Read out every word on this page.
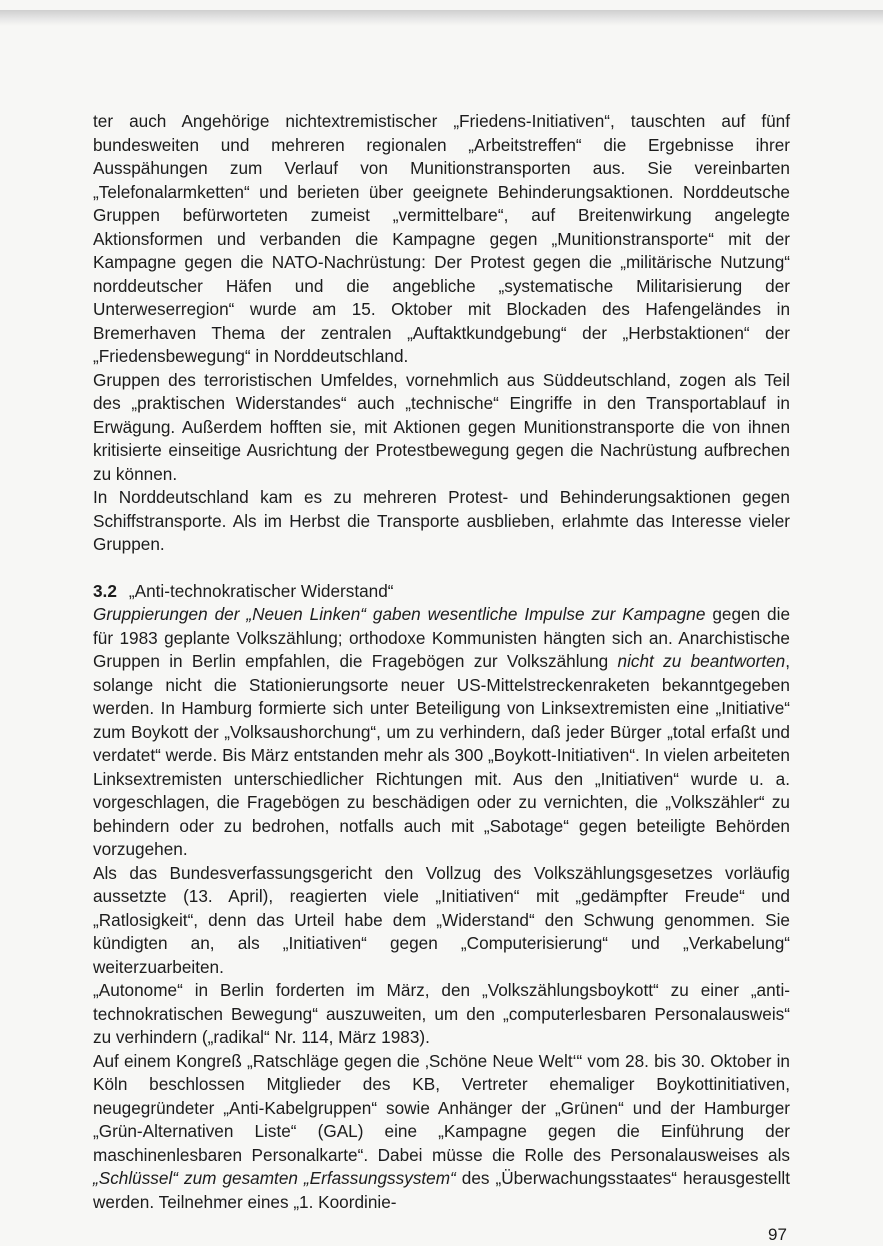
ter auch Angehörige nichtextremistischer „Friedens-Initiativen“, tauschten auf fünf bundesweiten und mehreren regionalen „Arbeitstreffen“ die Ergebnisse ihrer Ausspähungen zum Verlauf von Munitionstransporten aus. Sie vereinbarten „Telefonalarmketten“ und berieten über geeignete Behinderungsaktionen. Norddeutsche Gruppen befürworteten zumeist „vermittelbare“, auf Breitenwirkung angelegte Aktionsformen und verbanden die Kampagne gegen „Munitionstransporte“ mit der Kampagne gegen die NATO-Nachrüstung: Der Protest gegen die „militärische Nutzung“ norddeutscher Häfen und die angebliche „systematische Militarisierung der Unterweserregion“ wurde am 15. Oktober mit Blockaden des Hafengeländes in Bremerhaven Thema der zentralen „Auftaktkundgebung“ der „Herbstaktionen“ der „Friedensbewegung“ in Norddeutschland.

Gruppen des terroristischen Umfeldes, vornehmlich aus Süddeutschland, zogen als Teil des „praktischen Widerstandes“ auch „technische“ Eingriffe in den Transportablauf in Erwägung. Außerdem hofften sie, mit Aktionen gegen Munitionstransporte die von ihnen kritisierte einseitige Ausrichtung der Protestbewegung gegen die Nachrüstung aufbrechen zu können.

In Norddeutschland kam es zu mehreren Protest- und Behinderungsaktionen gegen Schiffstransporte. Als im Herbst die Transporte ausblieben, erlahmte das Interesse vieler Gruppen.

3.2 „Anti-technokratischer Widerstand“

Gruppierungen der „Neuen Linken“ gaben wesentliche Impulse zur Kampagne gegen die für 1983 geplante Volkszählung; orthodoxe Kommunisten hängten sich an. Anarchistische Gruppen in Berlin empfahlen, die Fragebögen zur Volkszählung nicht zu beantworten, solange nicht die Stationierungsorte neuer US-Mittelstreckenraketen bekanntgegeben werden. In Hamburg formierte sich unter Beteiligung von Linksextremisten eine „Initiative“ zum Boykott der „Volksaushorchung“, um zu verhindern, daß jeder Bürger „total erfaßt und verdatet“ werde. Bis März entstanden mehr als 300 „Boykott-Initiativen“. In vielen arbeiteten Linksextremisten unterschiedlicher Richtungen mit. Aus den „Initiativen“ wurde u. a. vorgeschlagen, die Fragebögen zu beschädigen oder zu vernichten, die „Volkszähler“ zu behindern oder zu bedrohen, notfalls auch mit „Sabotage“ gegen beteiligte Behörden vorzugehen.

Als das Bundesverfassungsgericht den Vollzug des Volkszählungsgesetzes vorläufig aussetzte (13. April), reagierten viele „Initiativen“ mit „gedämpfter Freude“ und „Ratlosigkeit“, denn das Urteil habe dem „Widerstand“ den Schwung genommen. Sie kündigten an, als „Initiativen“ gegen „Computerisierung“ und „Verkabelung“ weiterzuarbeiten.

„Autonome“ in Berlin forderten im März, den „Volkszählungsboykott“ zu einer „anti-technokratischen Bewegung“ auszuweiten, um den „computerlesbaren Personalausweis“ zu verhindern („radikal“ Nr. 114, März 1983).

Auf einem Kongreß „Ratschläge gegen die ‚Schöne Neue Welt‘“ vom 28. bis 30. Oktober in Köln beschlossen Mitglieder des KB, Vertreter ehemaliger Boykottinitiativen, neugegründeter „Anti-Kabelgruppen“ sowie Anhänger der „Grünen“ und der Hamburger „Grün-Alternativen Liste“ (GAL) eine „Kampagne gegen die Einführung der maschinenlesbaren Personalkarte“. Dabei müsse die Rolle des Personalausweises als „Schlüssel“ zum gesamten „Erfassungssystem“ des „Überwachungsstaates“ herausgestellt werden. Teilnehmer eines „1. Koordinie-

97
